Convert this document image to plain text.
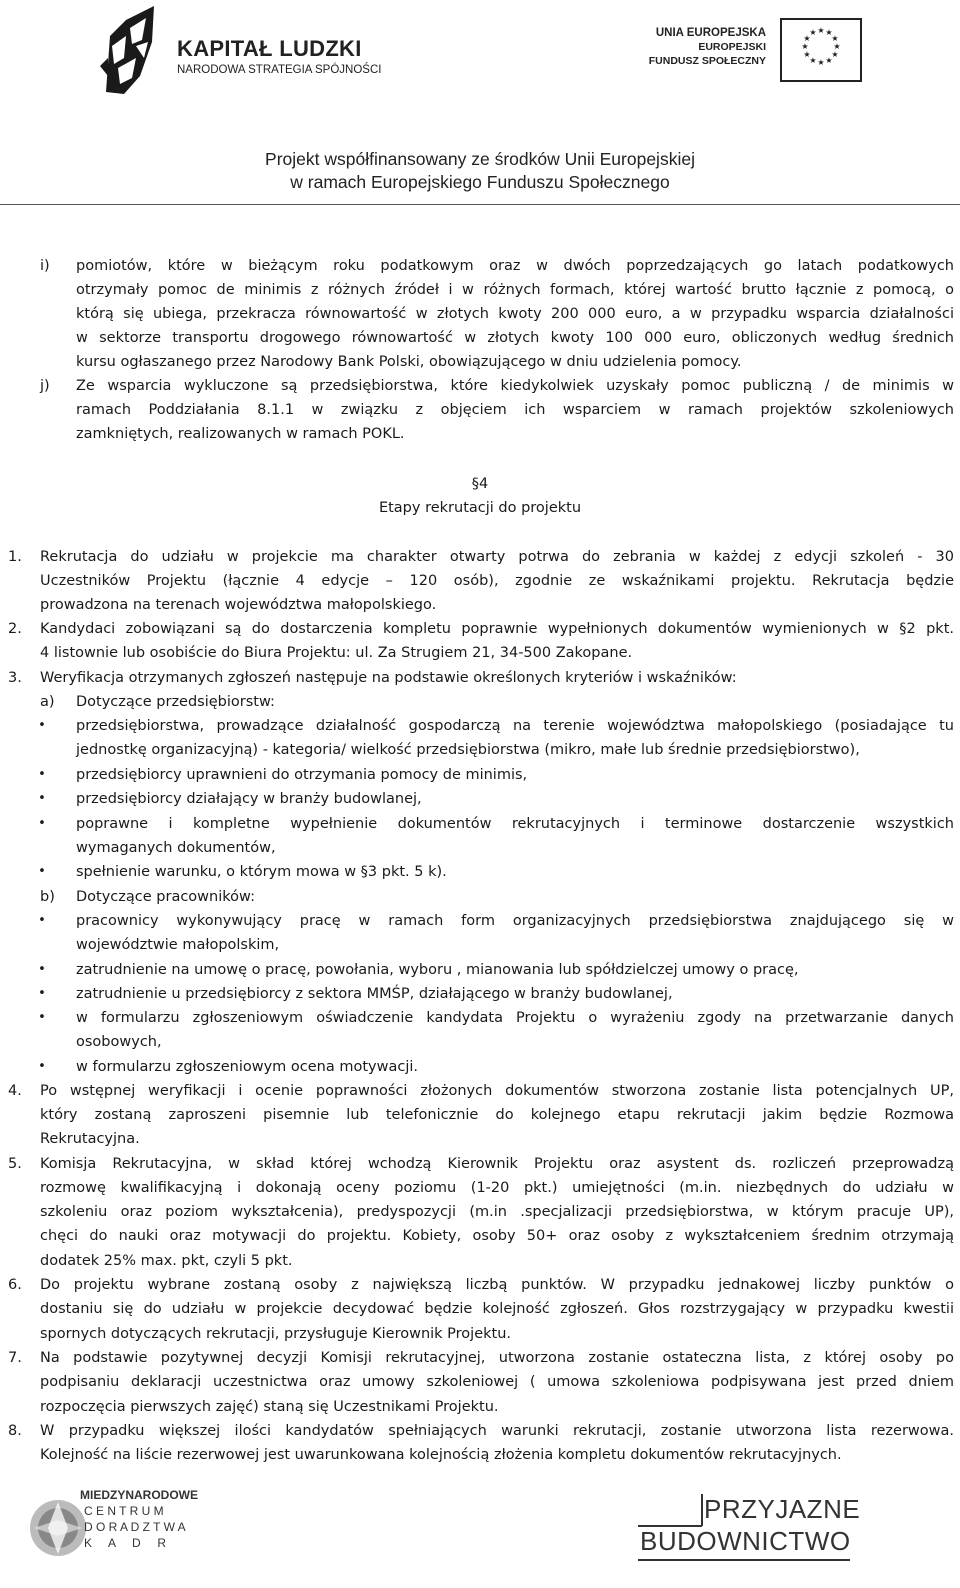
KAPITAŁ LUDZKI
NARODOWA STRATEGIA SPÓJNOŚCI
UNIA EUROPEJSKA
EUROPEJSKI
FUNDUSZ SPOŁECZNY
★ ★
★
★
★
★
★
★
★
★
★
★
Projekt współfinansowany ze środków Unii Europejskiej
w ramach Europejskiego Funduszu Społecznego
i) pomiotów, które w bieżącym roku podatkowym oraz w dwóch poprzedzających go latach podatkowych
otrzymały pomoc de minimis z różnych źródeł i w różnych formach, której wartość brutto łącznie z pomocą, o
którą się ubiega, przekracza równowartość w złotych kwoty 200 000 euro, a w przypadku wsparcia działalności
w sektorze transportu drogowego równowartość w złotych kwoty 100 000 euro, obliczonych według średnich
kursu ogłaszanego przez Narodowy Bank Polski, obowiązującego w dniu udzielenia pomocy.
j) Ze wsparcia wykluczone są przedsiębiorstwa, które kiedykolwiek uzyskały pomoc publiczną / de minimis w
ramach Poddziałania 8.1.1 w związku z objęciem ich wsparciem w ramach projektów szkoleniowych
zamkniętych, realizowanych w ramach POKL.
§4
Etapy rekrutacji do projektu
1. Rekrutacja do udziału w projekcie ma charakter otwarty potrwa do zebrania w każdej z edycji szkoleń - 30
Uczestników Projektu (łącznie 4 edycje – 120 osób), zgodnie ze wskaźnikami projektu. Rekrutacja będzie
prowadzona na terenach województwa małopolskiego.
2. Kandydaci zobowiązani są do dostarczenia kompletu poprawnie wypełnionych dokumentów wymienionych w §2 pkt.
4 listownie lub osobiście do Biura Projektu: ul. Za Strugiem 21, 34-500 Zakopane.
3. Weryfikacja otrzymanych zgłoszeń następuje na podstawie określonych kryteriów i wskaźników:
a) Dotyczące przedsiębiorstw:
• przedsiębiorstwa, prowadzące działalność gospodarczą na terenie województwa małopolskiego (posiadające tu
jednostkę organizacyjną) - kategoria/ wielkość przedsiębiorstwa (mikro, małe lub średnie przedsiębiorstwo),
• przedsiębiorcy uprawnieni do otrzymania pomocy de minimis,
• przedsiębiorcy działający w branży budowlanej,
• poprawne i kompletne wypełnienie dokumentów rekrutacyjnych i terminowe dostarczenie wszystkich
wymaganych dokumentów,
• spełnienie warunku, o którym mowa w §3 pkt. 5 k).
b) Dotyczące pracowników:
• pracownicy wykonywujący pracę w ramach form organizacyjnych przedsiębiorstwa znajdującego się w
województwie małopolskim,
• zatrudnienie na umowę o pracę, powołania, wyboru , mianowania lub spółdzielczej umowy o pracę,
• zatrudnienie u przedsiębiorcy z sektora MMŚP, działającego w branży budowlanej,
• w formularzu zgłoszeniowym oświadczenie kandydata Projektu o wyrażeniu zgody na przetwarzanie danych
osobowych,
• w formularzu zgłoszeniowym ocena motywacji.
4. Po wstępnej weryfikacji i ocenie poprawności złożonych dokumentów stworzona zostanie lista potencjalnych UP,
który zostaną zaproszeni pisemnie lub telefonicznie do kolejnego etapu rekrutacji jakim będzie Rozmowa
Rekrutacyjna.
5. Komisja Rekrutacyjna, w skład której wchodzą Kierownik Projektu oraz asystent ds. rozliczeń przeprowadzą
rozmowę kwalifikacyjną i dokonają oceny poziomu (1-20 pkt.) umiejętności (m.in. niezbędnych do udziału w
szkoleniu oraz poziom wykształcenia), predyspozycji (m.in .specjalizacji przedsiębiorstwa, w którym pracuje UP),
chęci do nauki oraz motywacji do projektu. Kobiety, osoby 50+ oraz osoby z wykształceniem średnim otrzymają
dodatek 25% max. pkt, czyli 5 pkt.
6. Do projektu wybrane zostaną osoby z największą liczbą punktów. W przypadku jednakowej liczby punktów o
dostaniu się do udziału w projekcie decydować będzie kolejność zgłoszeń. Głos rozstrzygający w przypadku kwestii
spornych dotyczących rekrutacji, przysługuje Kierownik Projektu.
7. Na podstawie pozytywnej decyzji Komisji rekrutacyjnej, utworzona zostanie ostateczna lista, z której osoby po
podpisaniu deklaracji uczestnictwa oraz umowy szkoleniowej ( umowa szkoleniowa podpisywana jest przed dniem
rozpoczęcia pierwszych zajęć) staną się Uczestnikami Projektu.
8. W przypadku większej ilości kandydatów spełniających warunki rekrutacji, zostanie utworzona lista rezerwowa.
Kolejność na liście rezerwowej jest uwarunkowana kolejnością złożenia kompletu dokumentów rekrutacyjnych.
MIEDZYNARODOWE
C E N T R U M
D O R A D Z T W A
K     A     D     R
PRZYJAZNE
BUDOWNICTWO
